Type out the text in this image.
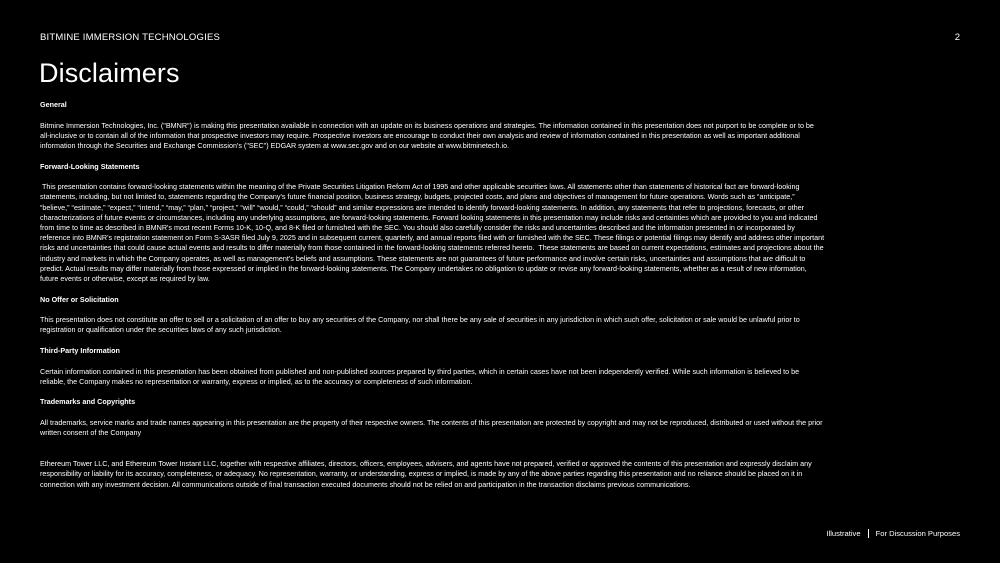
BITMINE IMMERSION TECHNOLOGIES	2
Disclaimers
General
Bitmine Immersion Technologies, Inc. ("BMNR") is making this presentation available in connection with an update on its business operations and strategies. The information contained in this presentation does not purport to be complete or to be all-inclusive or to contain all of the information that prospective investors may require. Prospective investors are encourage to conduct their own analysis and review of information contained in this presentation as well as important additional information through the Securities and Exchange Commission's ("SEC") EDGAR system at www.sec.gov and on our website at www.bitminetech.io.
Forward-Looking Statements
This presentation contains forward-looking statements within the meaning of the Private Securities Litigation Reform Act of 1995 and other applicable securities laws. All statements other than statements of historical fact are forward-looking statements, including, but not limited to, statements regarding the Company's future financial position, business strategy, budgets, projected costs, and plans and objectives of management for future operations. Words such as “anticipate,” “believe,” “estimate,” “expect,” “intend,” “may,” “plan,” “project,” “will” “would,” “could,” “should” and similar expressions are intended to identify forward-looking statements. In addition, any statements that refer to projections, forecasts, or other characterizations of future events or circumstances, including any underlying assumptions, are forward-looking statements. Forward looking statements in this presentation may include risks and certainties which are provided to you and indicated from time to time as described in BMNR's most recent Forms 10-K, 10-Q, and 8-K filed or furnished with the SEC. You should also carefully consider the risks and uncertainties described and the information presented in or incorporated by reference into BMNR's registration statement on Form S-3ASR filed July 9, 2025 and in subsequent current, quarterly, and annual reports filed with or furnished with the SEC. These filings or potential filings may identify and address other important risks and uncertainties that could cause actual events and results to differ materially from those contained in the forward-looking statements referred hereto.  These statements are based on current expectations, estimates and projections about the industry and markets in which the Company operates, as well as management's beliefs and assumptions. These statements are not guarantees of future performance and involve certain risks, uncertainties and assumptions that are difficult to predict. Actual results may differ materially from those expressed or implied in the forward-looking statements. The Company undertakes no obligation to update or revise any forward-looking statements, whether as a result of new information, future events or otherwise, except as required by law.
No Offer or Solicitation
This presentation does not constitute an offer to sell or a solicitation of an offer to buy any securities of the Company, nor shall there be any sale of securities in any jurisdiction in which such offer, solicitation or sale would be unlawful prior to registration or qualification under the securities laws of any such jurisdiction.
Third-Party Information
Certain information contained in this presentation has been obtained from published and non-published sources prepared by third parties, which in certain cases have not been independently verified. While such information is believed to be reliable, the Company makes no representation or warranty, express or implied, as to the accuracy or completeness of such information.
Trademarks and Copyrights
All trademarks, service marks and trade names appearing in this presentation are the property of their respective owners. The contents of this presentation are protected by copyright and may not be reproduced, distributed or used without the prior written consent of the Company
Ethereum Tower LLC, and Ethereum Tower Instant LLC, together with respective affiliates, directors, officers, employees, advisers, and agents have not prepared, verified or approved the contents of this presentation and expressly disclaim any responsibility or liability for its accuracy, completeness, or adequacy. No representation, warranty, or understanding, express or implied, is made by any of the above parties regarding this presentation and no reliance should be placed on it in connection with any investment decision. All communications outside of final transaction executed documents should not be relied on and participation in the transaction disclaims previous communications.
Illustrative For Discussion Purposes
